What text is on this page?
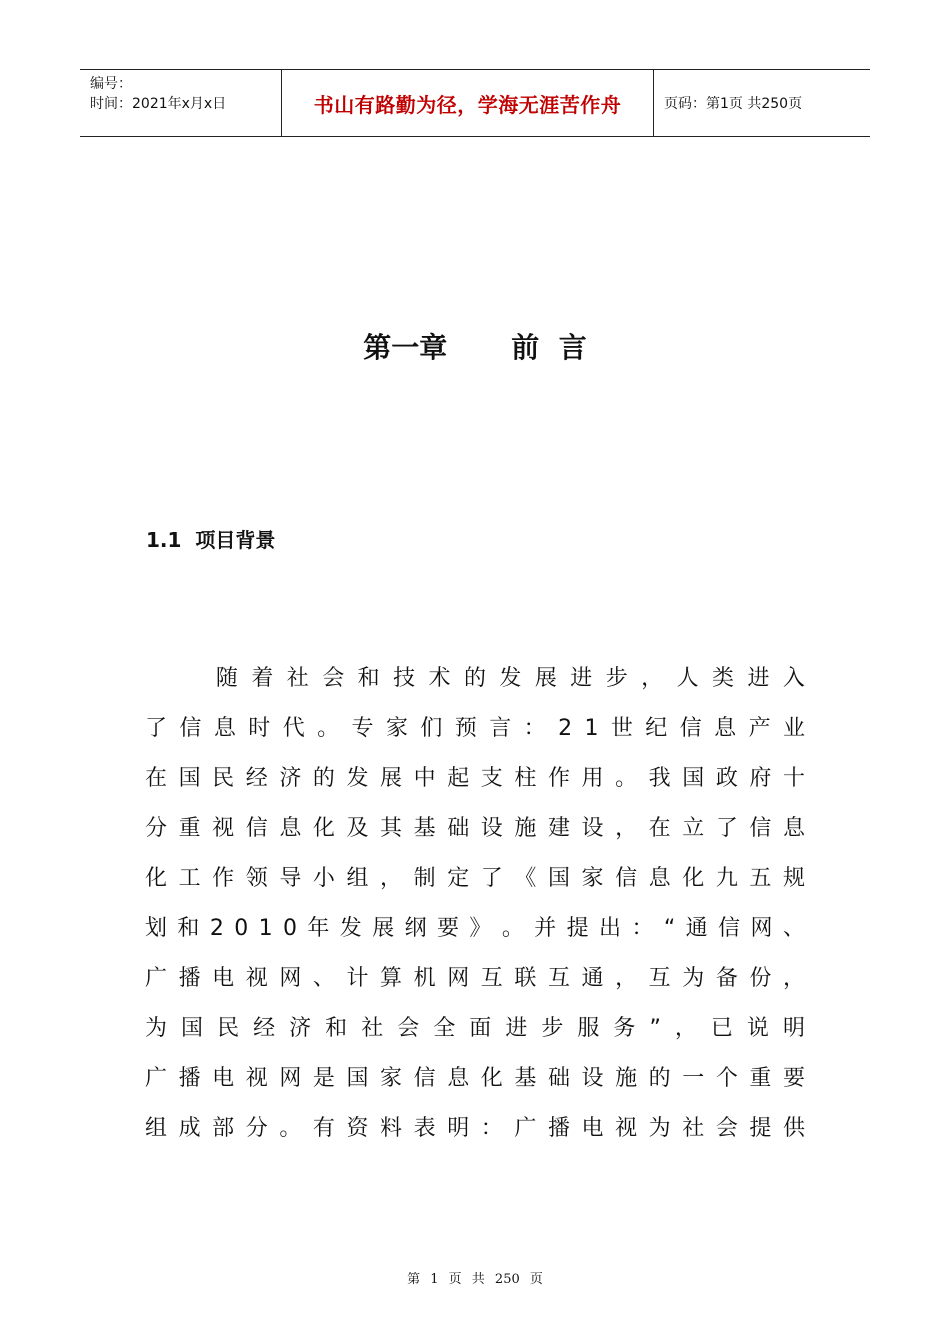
编号：
时间：2021年x月x日	书山有路勤为径，学海无涯苦作舟	页码：第1页 共250页
第一章 前  言
1.1  项目背景

随 着 社 会 和 技 术 的 发 展 进 步 ， 人 类 进 入
了 信 息 时 代 。 专 家 们 预 言 ： 2 1 世 纪 信 息 产 业
在 国 民 经 济 的 发 展 中 起 支 柱 作 用 。 我 国 政 府 十
分 重 视 信 息 化 及 其 基 础 设 施 建 设 ， 在 立 了 信 息
化 工 作 领 导 小 组 ， 制 定 了 《 国 家 信 息 化 九 五 规
划 和 2 0 1 0 年 发 展 纲 要 》 。 并 提 出 ： “ 通 信 网 、
广 播 电 视 网 、 计 算 机 网 互 联 互 通 ， 互 为 备 份 ，
为 国 民 经 济 和 社 会 全 面 进 步 服 务 ” ， 已 说 明
广 播 电 视 网 是 国 家 信 息 化 基 础 设 施 的 一 个 重 要
组 成 部 分 。 有 资 料 表 明 ： 广 播 电 视 为 社 会 提 供
第 1 页 共 250 页
